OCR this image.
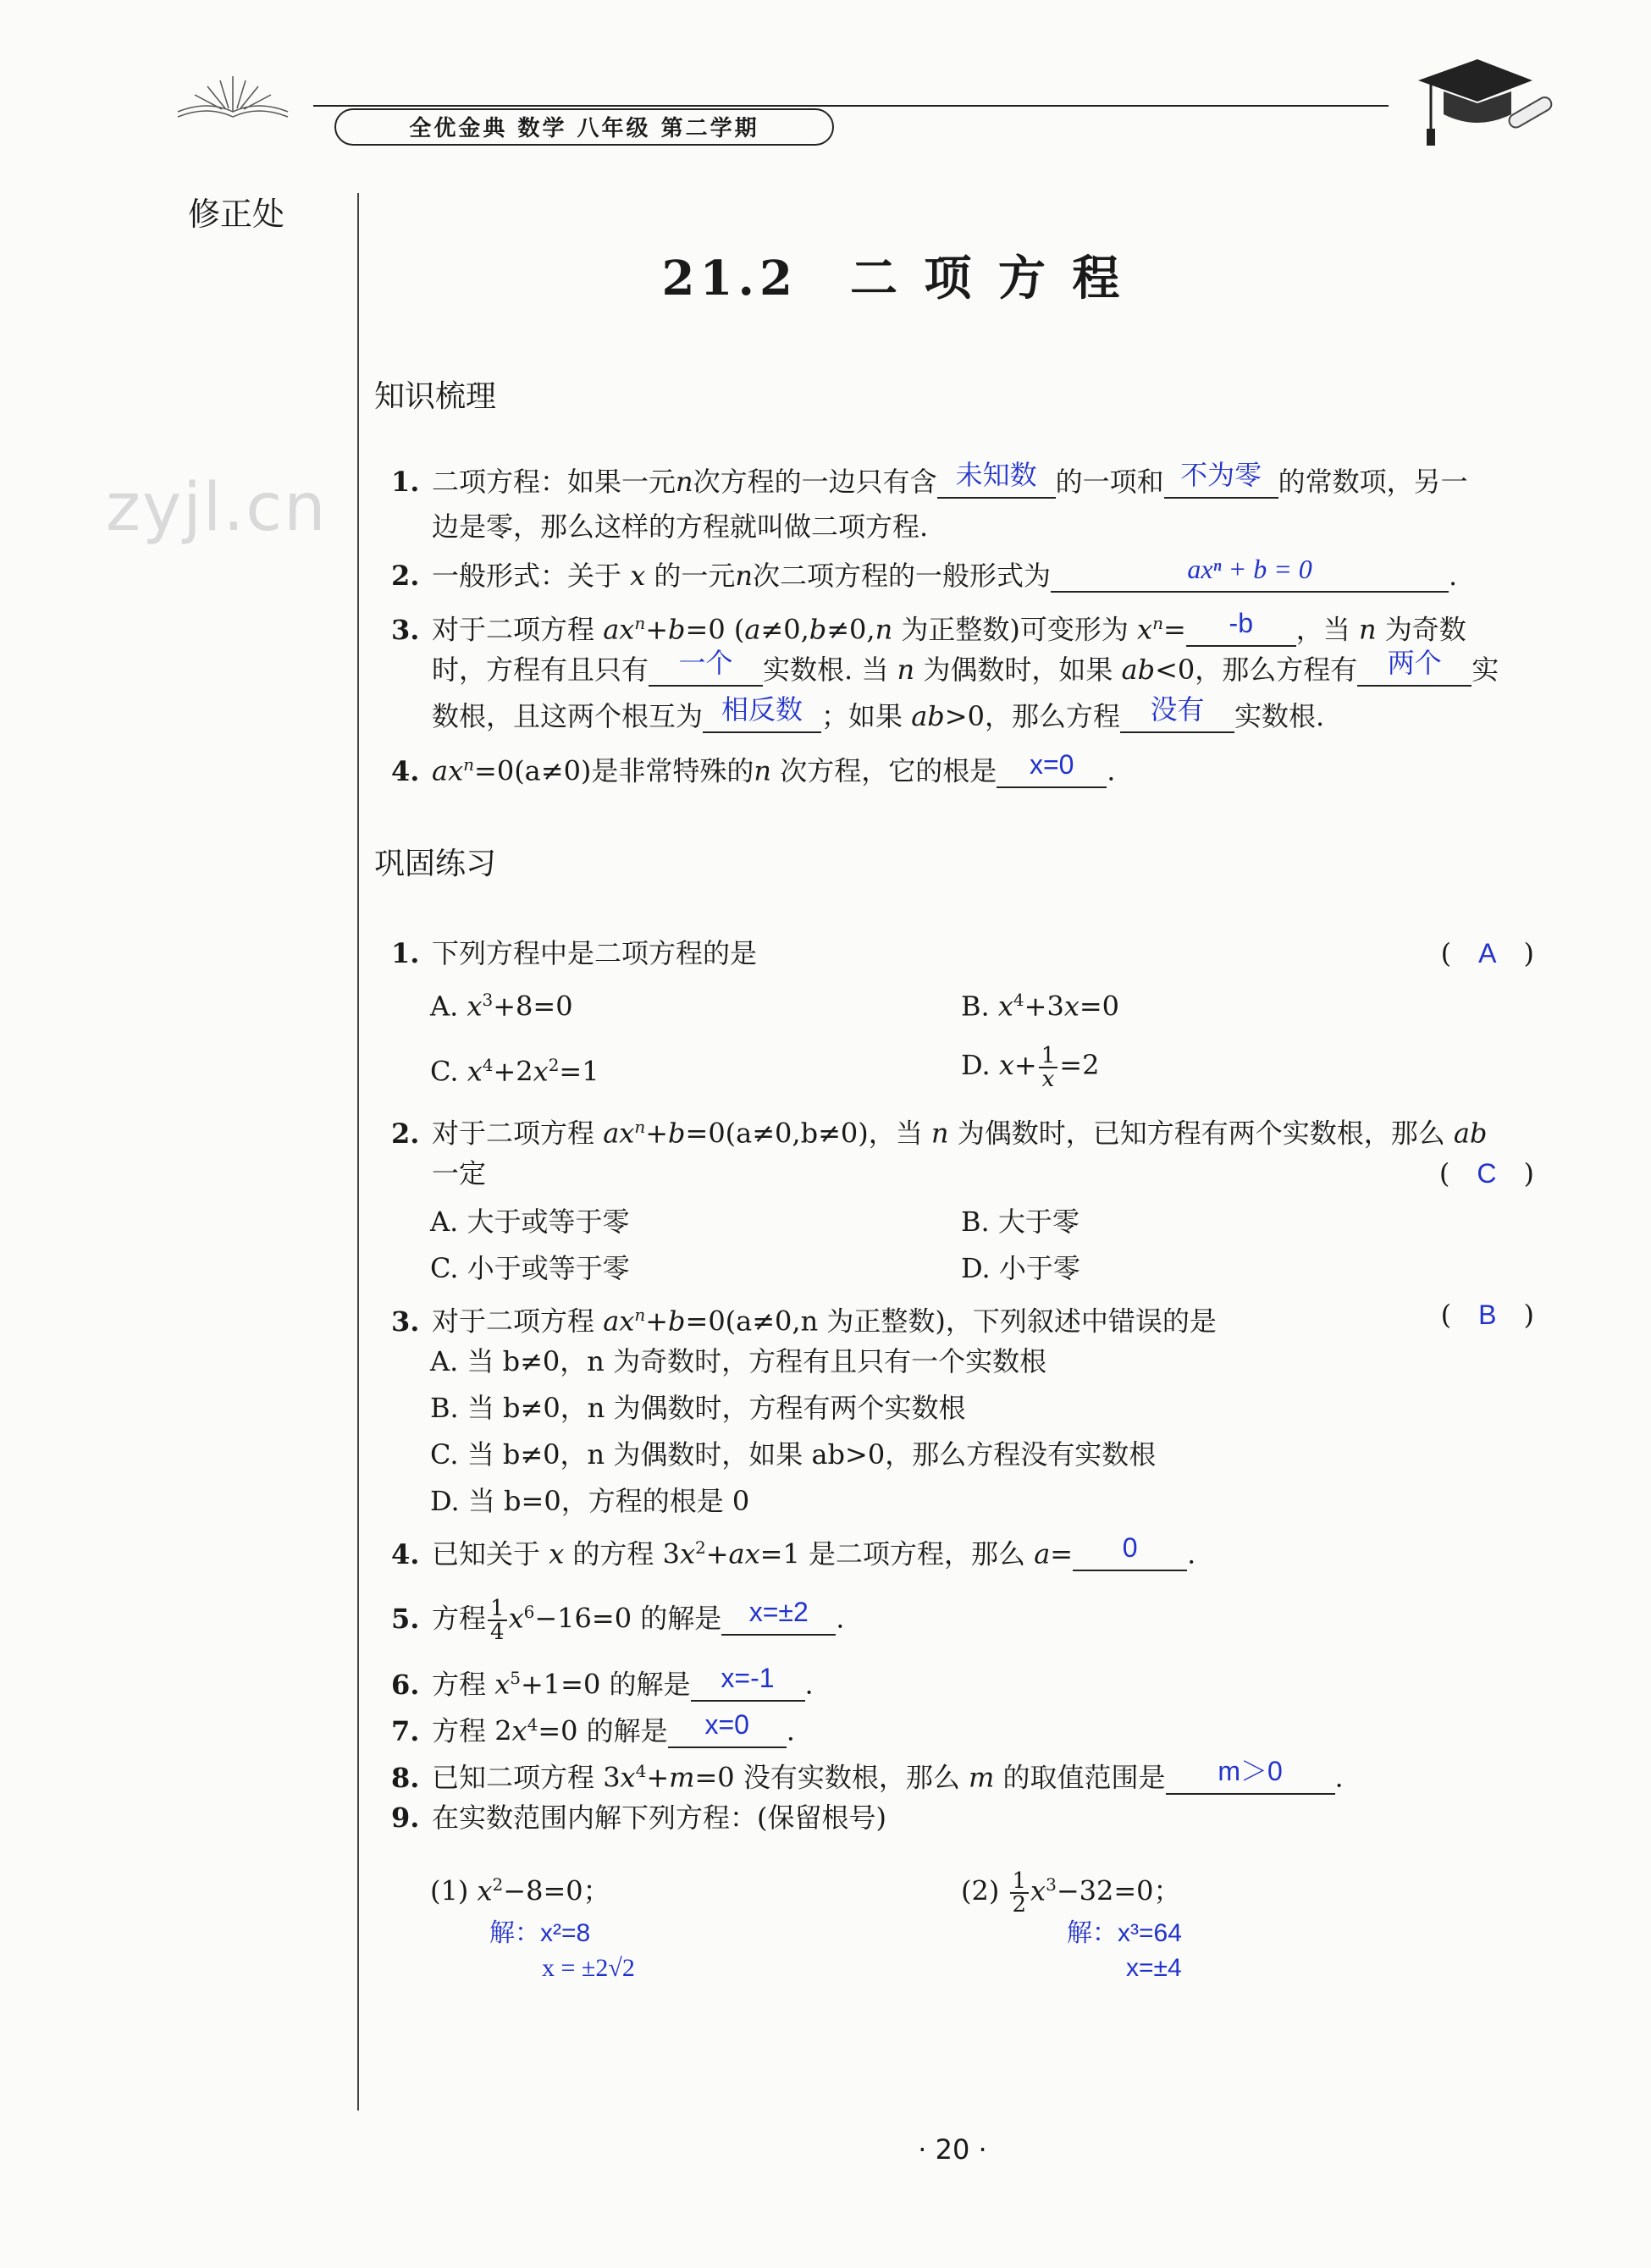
全优金典 数学 八年级 第二学期
修正处
zyjl.cn
21.2　二 项 方 程
知识梳理
1. 二项方程：如果一元n次方程的一边只有含 未知数 的一项和 不为零 的常数项，另一
边是零，那么这样的方程就叫做二项方程.
2. 一般形式：关于 x 的一元n次二项方程的一般形式为	axⁿ + b = 0	.
3. 对于二项方程 $ax^n+b=0$ (a≠0,b≠0,n 为正整数)可变形为 $x^n= -b$ ，当 n 为奇数
时，方程有且只有 一个 实数根. 当 n 为偶数时，如果 ab<0，那么方程有 两个 实
数根，且这两个根互为 相反数 ；如果 ab>0，那么方程 没有 实数根.
4. $ax^n=0(a\ne 0)$是非常特殊的n 次方程，它的根是 x=0 .
巩固练习
1. 下列方程中是二项方程的是	(　A　)
A. $x^3+8=0$	B. $x^4+3x=0$
C. $x^4+2x^2=1$	D. $x+ \frac{1}{x} =2$
2. 对于二项方程 $ax^n+b=0(a\ne 0,b\ne 0)$，当 n 为偶数时，已知方程有两个实数根，那么 ab
一定	(　C　)
A. 大于或等于零	B. 大于零
C. 小于或等于零	D. 小于零
3. 对于二项方程 $ax^n+b=0(a\ne 0,n$ 为正整数)，下列叙述中错误的是	(　B　)
A. 当 b≠0，n 为奇数时，方程有且只有一个实数根
B. 当 b≠0，n 为偶数时，方程有两个实数根
C. 当 b≠0，n 为偶数时，如果 ab>0，那么方程没有实数根
D. 当 b=0，方程的根是 0
4. 已知关于 x 的方程 $3x^2+ax=1$ 是二项方程，那么 a= 0 .
5. 方程 $\frac{1}{4} x^6-16=0$ 的解是 x=±2 .
6. 方程 $x^5+1=0$ 的解是 x=-1 .
7. 方程 $2x^4=0$ 的解是 x=0 .
8. 已知二项方程 $3x^4+m=0$ 没有实数根，那么 m 的取值范围是 m＞0 .
9. 在实数范围内解下列方程：(保留根号)
(1) $x^2-8=0$；	$(2) \frac{1}{2} x^3-32=0$；
解：x²=8
x = ±2√2
解：x³=64
x=±4
· 20 ·
